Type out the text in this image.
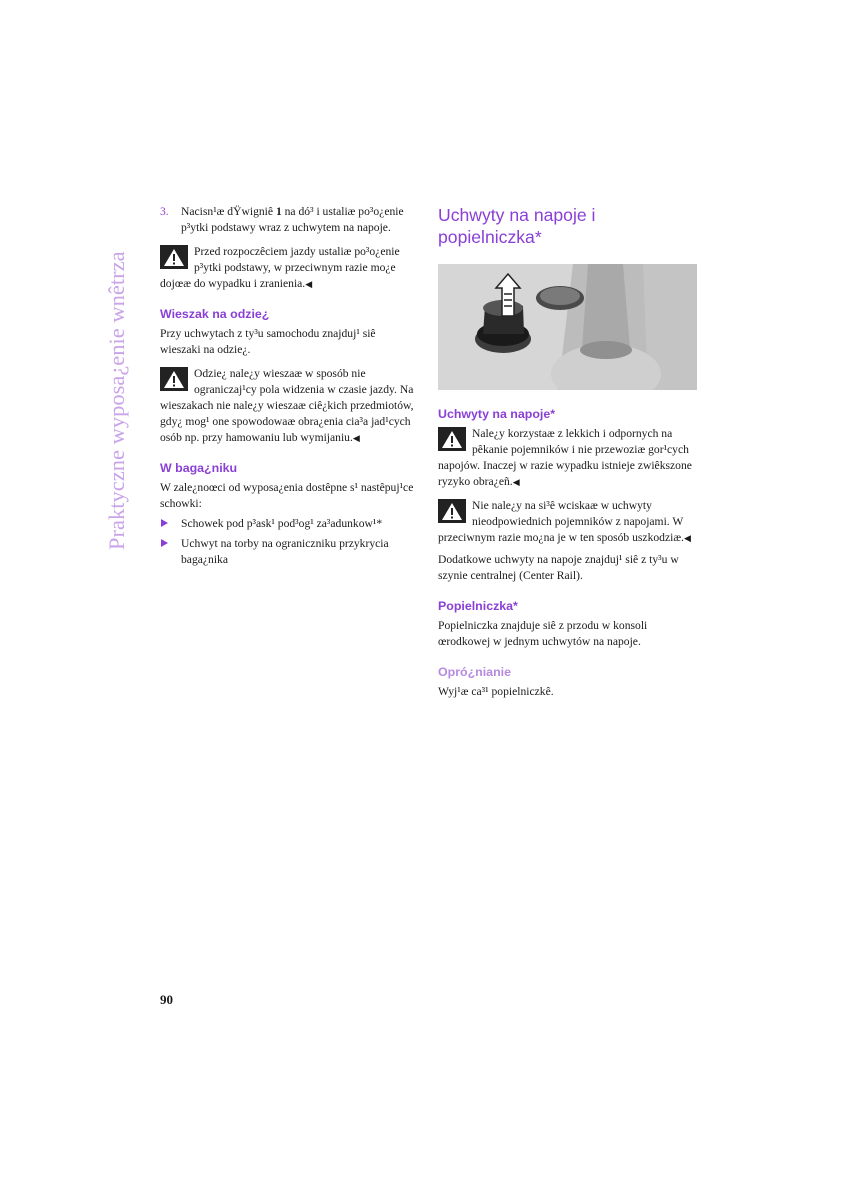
Praktyczne wyposa¿enie wnêtrza
3. Nacisn¹æ dŸwigniê 1 na dó³ i ustaliæ po³o¿enie p³ytki podstawy wraz z uchwytem na napoje.
Przed rozpoczêciem jazdy ustaliæ po³o¿enie p³ytki podstawy, w przeciwnym razie mo¿e dojœæ do wypadku i zranienia.◀
Wieszak na odzie¿

Przy uchwytach z ty³u samochodu znajduj¹ siê wieszaki na odzie¿.

Odzie¿ nale¿y wieszaæ w sposób nie ograniczaj¹cy pola widzenia w czasie jazdy. Na wieszakach nie nale¿y wieszaæ ciê¿kich przedmiotów, gdy¿ mog¹ one spowodowaæ obra¿enia cia³a jad¹cych osób np. przy hamowaniu lub wymijaniu.◀
W baga¿niku

W zale¿noœci od wyposa¿enia dostêpne s¹ nastêpuj¹ce schowki:

Schowek pod p³ask¹ pod³og¹ za³adunkow¹*
Uchwyt na torby na ograniczniku przykrycia baga¿nika
Uchwyty na napoje i popielniczka*
Uchwyty na napoje*
Nale¿y korzystaæ z lekkich i odpornych na pêkanie pojemników i nie przewoziæ gor¹cych napojów. Inaczej w razie wypadku istnieje zwiêkszone ryzyko obra¿eñ.◀
Nie nale¿y na si³ê wciskaæ w uchwyty nieodpowiednich pojemników z napojami. W przeciwnym razie mo¿na je w ten sposób uszkodziæ.◀

Dodatkowe uchwyty na napoje znajduj¹ siê z ty³u w szynie centralnej (Center Rail).

Popielniczka*

Popielniczka znajduje siê z przodu w konsoli œrodkowej w jednym uchwytów na napoje.

Opró¿nianie

Wyj¹æ ca³¹ popielniczkê.

90
